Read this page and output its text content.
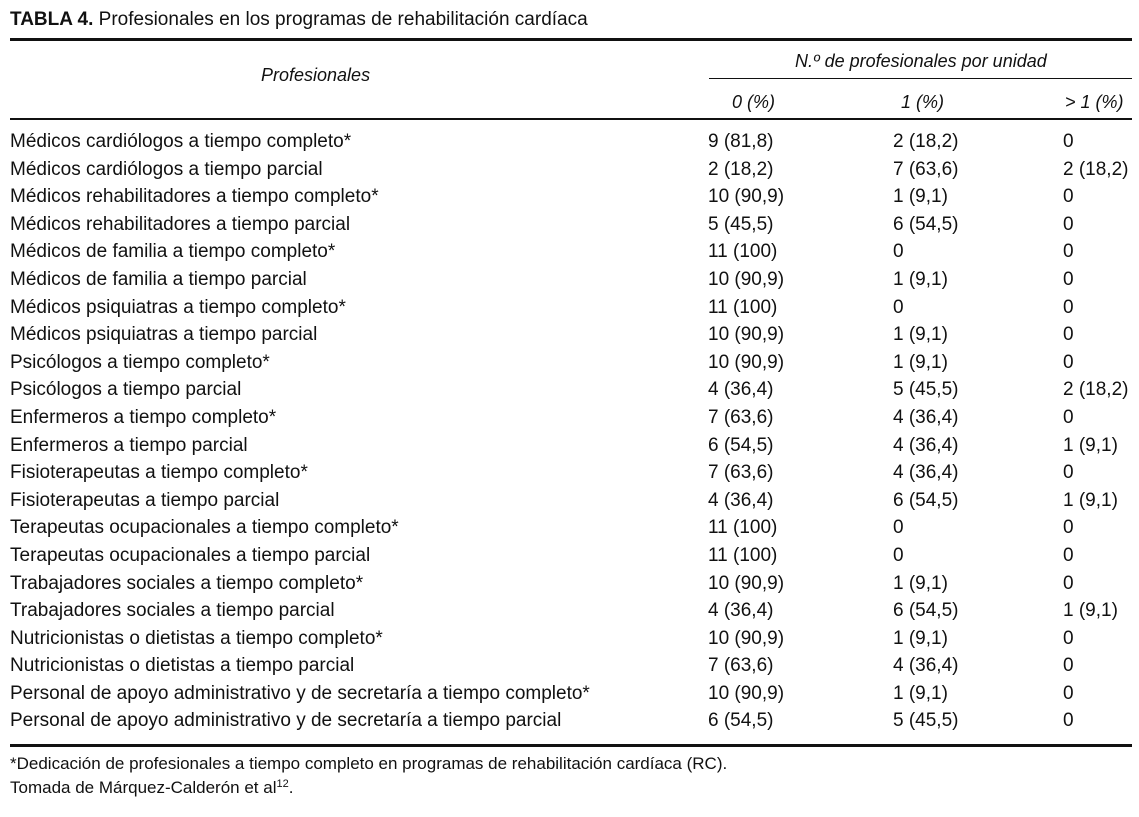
TABLA 4. Profesionales en los programas de rehabilitación cardíaca
Profesionales
N.º de profesionales por unidad
0 (%)	1 (%)	> 1 (%)
Médicos cardiólogos a tiempo completo*	9 (81,8)	2 (18,2)	0
Médicos cardiólogos a tiempo parcial	2 (18,2)	7 (63,6)	2 (18,2)
Médicos rehabilitadores a tiempo completo*	10 (90,9)	1 (9,1)	0
Médicos rehabilitadores a tiempo parcial	5 (45,5)	6 (54,5)	0
Médicos de familia a tiempo completo*	11 (100)	0	0
Médicos de familia a tiempo parcial	10 (90,9)	1 (9,1)	0
Médicos psiquiatras a tiempo completo*	11 (100)	0	0
Médicos psiquiatras a tiempo parcial	10 (90,9)	1 (9,1)	0
Psicólogos a tiempo completo*	10 (90,9)	1 (9,1)	0
Psicólogos a tiempo parcial	4 (36,4)	5 (45,5)	2 (18,2)
Enfermeros a tiempo completo*	7 (63,6)	4 (36,4)	0
Enfermeros a tiempo parcial	6 (54,5)	4 (36,4)	1 (9,1)
Fisioterapeutas a tiempo completo*	7 (63,6)	4 (36,4)	0
Fisioterapeutas a tiempo parcial	4 (36,4)	6 (54,5)	1 (9,1)
Terapeutas ocupacionales a tiempo completo*	11 (100)	0	0
Terapeutas ocupacionales a tiempo parcial	11 (100)	0	0
Trabajadores sociales a tiempo completo*	10 (90,9)	1 (9,1)	0
Trabajadores sociales a tiempo parcial	4 (36,4)	6 (54,5)	1 (9,1)
Nutricionistas o dietistas a tiempo completo*	10 (90,9)	1 (9,1)	0
Nutricionistas o dietistas a tiempo parcial	7 (63,6)	4 (36,4)	0
Personal de apoyo administrativo y de secretaría a tiempo completo*	10 (90,9)	1 (9,1)	0
Personal de apoyo administrativo y de secretaría a tiempo parcial	6 (54,5)	5 (45,5)	0
*Dedicación de profesionales a tiempo completo en programas de rehabilitación cardíaca (RC).
Tomada de Márquez-Calderón et $al^{12}$.
